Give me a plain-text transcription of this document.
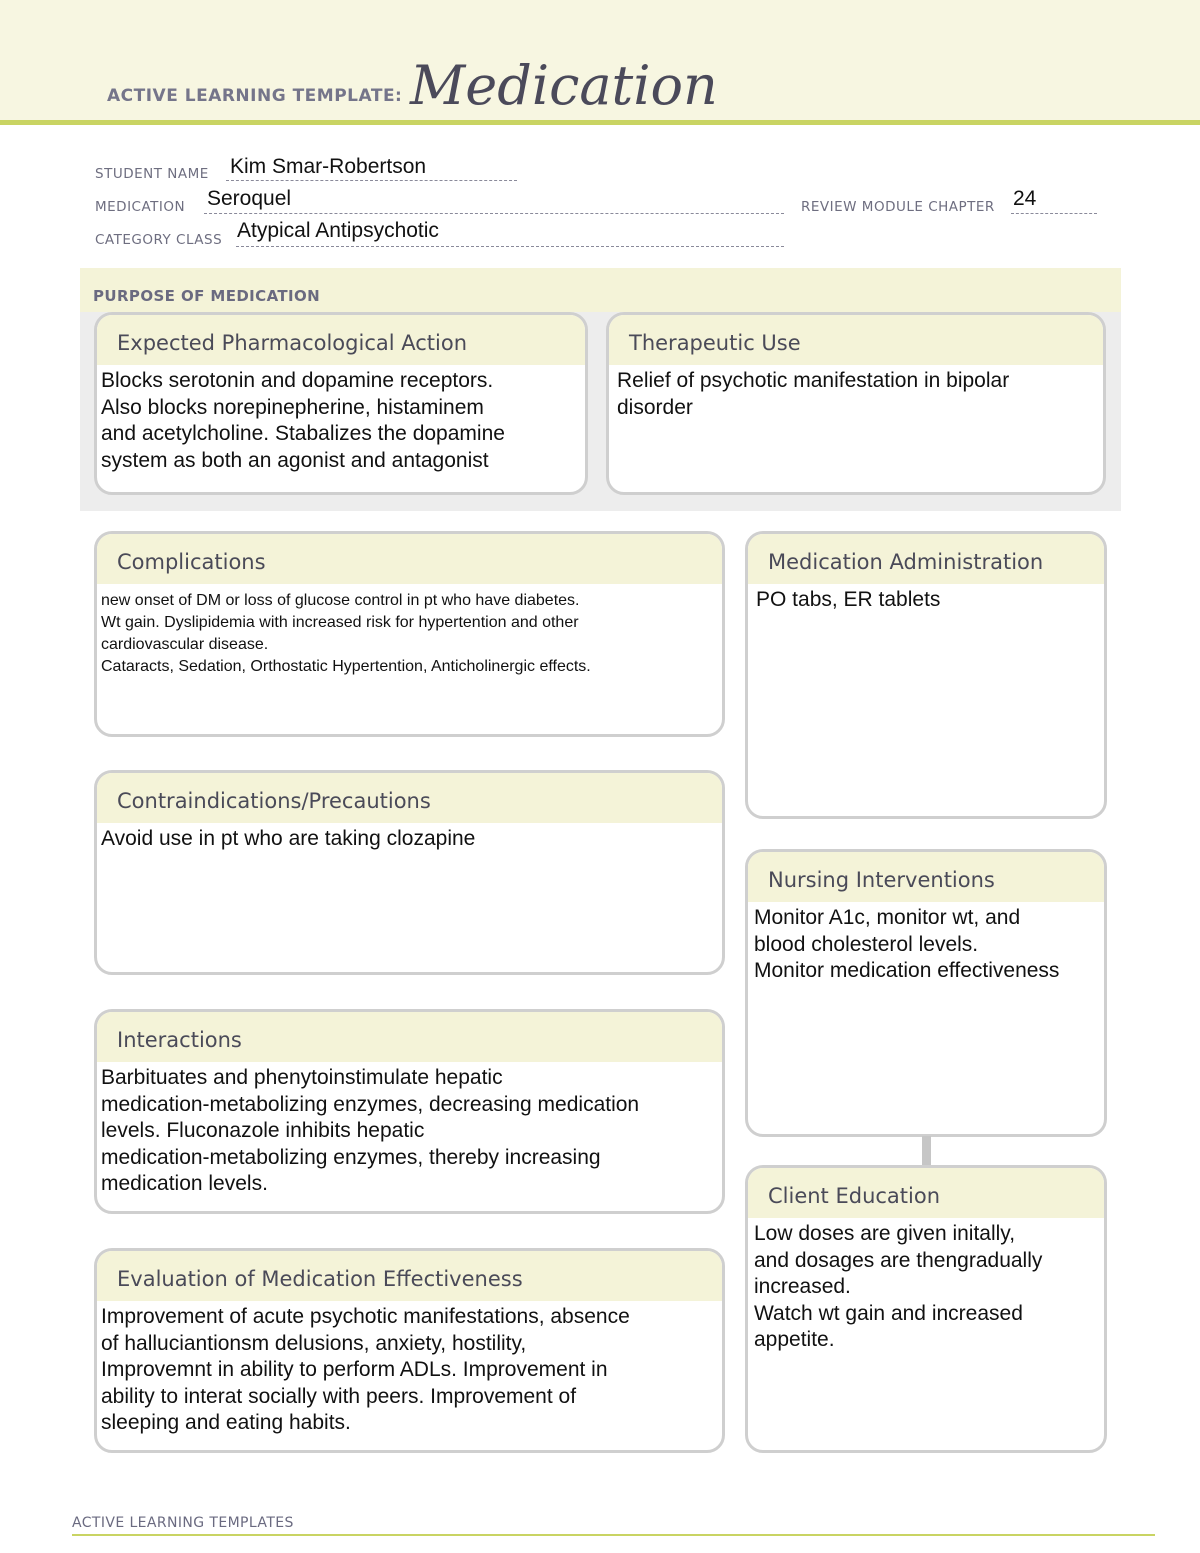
ACTIVE LEARNING TEMPLATE: Medication
STUDENT NAME Kim Smar-Robertson
MEDICATION Seroquel	REVIEW MODULE CHAPTER 24
CATEGORY CLASS Atypical Antipsychotic
PURPOSE OF MEDICATION
Expected Pharmacological Action
Blocks serotonin and dopamine receptors.
Also blocks norepinepherine, histaminem
and acetylcholine. Stabalizes the dopamine
system as both an agonist and antagonist
Therapeutic Use
Relief of psychotic manifestation in bipolar
disorder
Complications
new onset of DM or loss of glucose control in pt who have diabetes.
Wt gain. Dyslipidemia with increased risk for hypertention and other
cardiovascular disease.
Cataracts, Sedation, Orthostatic Hypertention, Anticholinergic effects.
Contraindications/Precautions
Avoid use in pt who are taking clozapine
Interactions
Barbituates and phenytoinstimulate hepatic
medication-metabolizing enzymes, decreasing medication
levels. Fluconazole inhibits hepatic
medication-metabolizing enzymes, thereby increasing
medication levels.
Evaluation of Medication Effectiveness
Improvement of acute psychotic manifestations, absence
of halluciantionsm delusions, anxiety, hostility,
Improvemnt in ability to perform ADLs. Improvement in
ability to interat socially with peers. Improvement of
sleeping and eating habits.
Medication Administration
PO tabs, ER tablets
Nursing Interventions
Monitor A1c, monitor wt, and
blood cholesterol levels.
Monitor medication effectiveness
Client Education
Low doses are given initally,
and dosages are thengradually
increased.
Watch wt gain and increased
appetite.
ACTIVE LEARNING TEMPLATES
